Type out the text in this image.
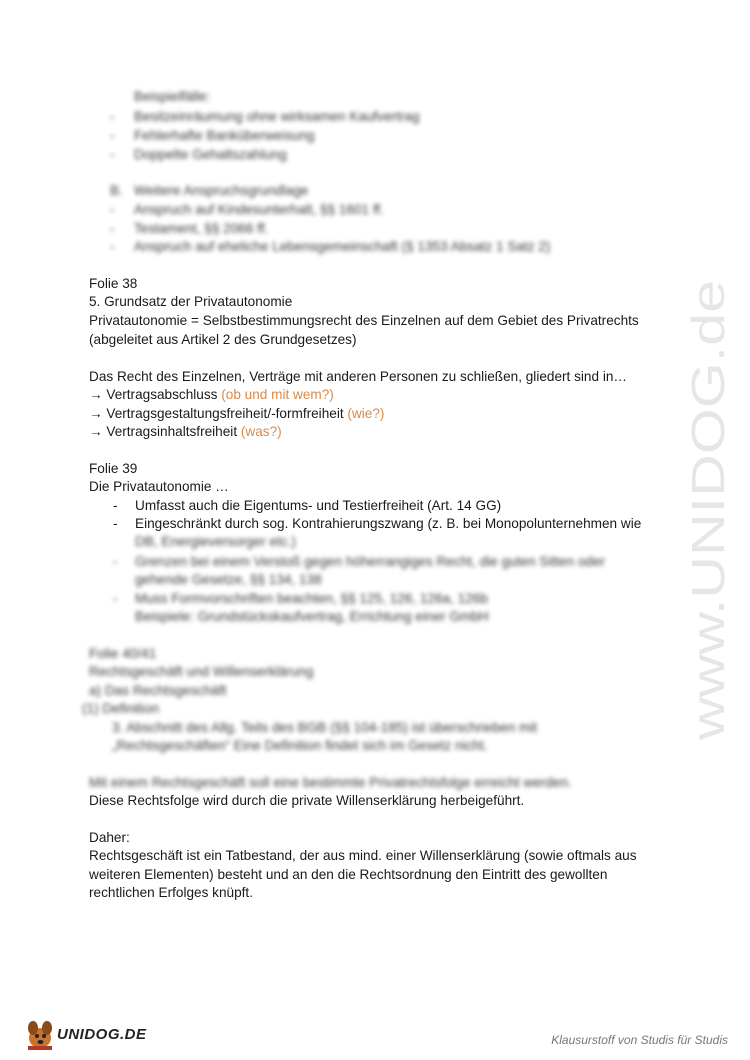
Beispielfälle:
- Besitzeinräumung ohne wirksamen Kaufvertrag
- Fehlerhafte Banküberweisung
- Doppelte Gehaltszahlung
B. Weitere Anspruchsgrundlage
- Anspruch auf Kindesunterhalt, §§ 1601 ff.
- Testament, §§ 2066 ff.
- Anspruch auf eheliche Lebensgemeinschaft (§ 1353 Absatz 1 Satz 2)
Folie 38
5. Grundsatz der Privatautonomie
Privatautonomie = Selbstbestimmungsrecht des Einzelnen auf dem Gebiet des Privatrechts
(abgeleitet aus Artikel 2 des Grundgesetzes)
Das Recht des Einzelnen, Verträge mit anderen Personen zu schließen, gliedert sind in…
→ Vertragsabschluss (ob und mit wem?)
→ Vertragsgestaltungsfreiheit/-formfreiheit (wie?)
→ Vertragsinhaltsfreiheit (was?)
Folie 39
Die Privatautonomie …
- Umfasst auch die Eigentums- und Testierfreiheit (Art. 14 GG)
- Eingeschränkt durch sog. Kontrahierungszwang (z. B. bei Monopolunternehmen wie
DB, Energieversorger etc.)
- Grenzen bei einem Verstoß gegen höherrangiges Recht, die guten Sitten oder
gehende Gesetze, §§ 134, 138
- Muss Formvorschriften beachten, §§ 125, 126, 126a, 126b
Beispiele: Grundstückskaufvertrag, Errichtung einer GmbH
Folie 40/41
Rechtsgeschäft und Willenserklärung
a) Das Rechtsgeschäft
(1) Definition
3. Abschnitt des Allg. Teils des BGB (§§ 104-185) ist überschrieben mit
„Rechtsgeschäften“ Eine Definition findet sich im Gesetz nicht.
Mit einem Rechtsgeschäft soll eine bestimmte Privatrechtsfolge erreicht werden.
Diese Rechtsfolge wird durch die private Willenserklärung herbeigeführt.
Daher:
Rechtsgeschäft ist ein Tatbestand, der aus mind. einer Willenserklärung (sowie oftmals aus
weiteren Elementen) besteht und an den die Rechtsordnung den Eintritt des gewollten
rechtlichen Erfolges knüpft.
www.UNIDOG.de
UNIDOG.DE	Klausurstoff von Studis für Studis
